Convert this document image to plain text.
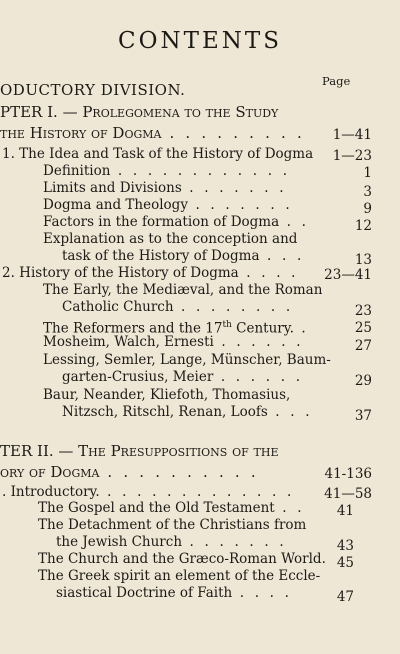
CONTENTS
Page
ODUCTORY DIVISION.
PTER I. — Prolegomena to the Study
the History of Dogma . . . . . . . . . 1—41
1. The Idea and Task of the History of Dogma 1—23
Definition . . . . . . . . . . . .	1
Limits and Divisions . . . . . . .	3
Dogma and Theology . . . . . . .	9
Factors in the formation of Dogma . .	12
Explanation as to the conception and
task of the History of Dogma . . .	13
2. History of the History of Dogma . . . . 23—41
The Early, the Mediæval, and the Roman
Catholic Church . . . . . . . .	23
The Reformers and the 17th Century. .	25
Mosheim, Walch, Ernesti . . . . . .	27
Lessing, Semler, Lange, Münscher, Baum-
garten-Crusius, Meier . . . . . .	29
Baur, Neander, Kliefoth, Thomasius,
Nitzsch, Ritschl, Renan, Loofs . . .	37
TER II. — The Presuppositions of the
ory of Dogma . . . . . . . . . .	41-136
. Introductory. . . . . . . . . . . . . . 41—58
The Gospel and the Old Testament . . 41
The Detachment of the Christians from
the Jewish Church . . . . . . .	43
The Church and the Græco-Roman World. 45
The Greek spirit an element of the Eccle-
siastical Doctrine of Faith . . . .	47
